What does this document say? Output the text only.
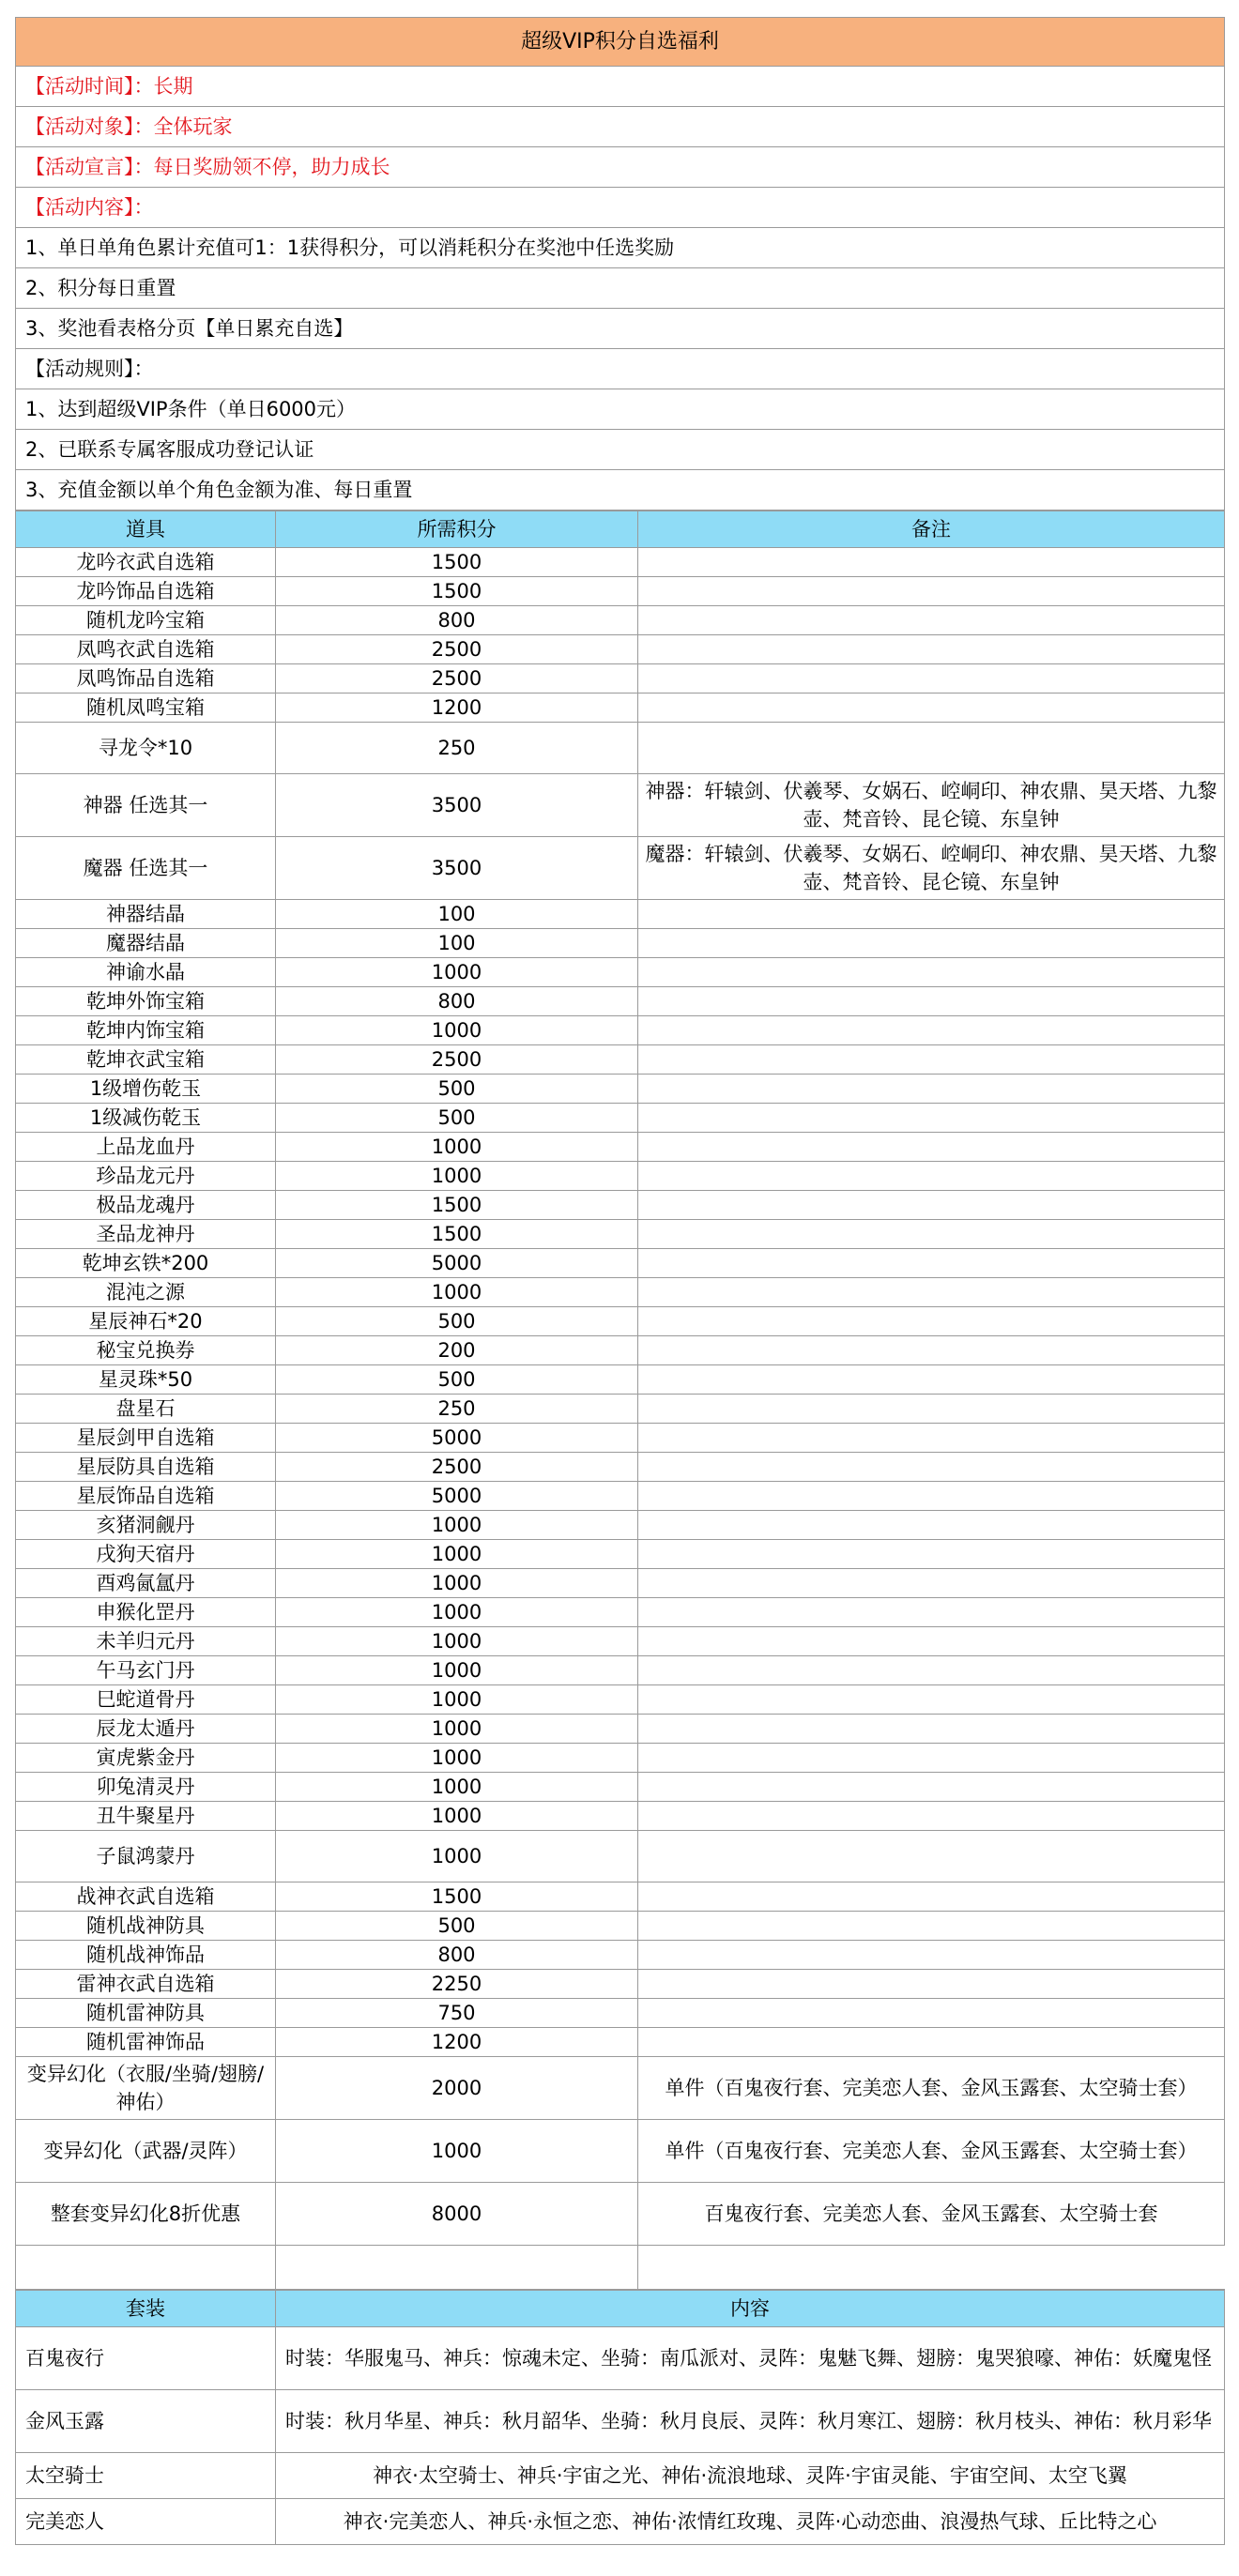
超级VIP积分自选福利
【活动时间】：长期
【活动对象】：全体玩家
【活动宣言】：每日奖励领不停，助力成长
【活动内容】：
1、单日单角色累计充值可1：1获得积分，可以消耗积分在奖池中任选奖励
2、积分每日重置
3、奖池看表格分页【单日累充自选】
【活动规则】：
1、达到超级VIP条件（单日6000元）
2、已联系专属客服成功登记认证
3、充值金额以单个角色金额为准、每日重置
道具	所需积分	备注
龙吟衣武自选箱	1500	
龙吟饰品自选箱	1500	
随机龙吟宝箱	800	
凤鸣衣武自选箱	2500	
凤鸣饰品自选箱	2500	
随机凤鸣宝箱	1200	
寻龙令*10	250	
神器 任选其一	3500	神器：轩辕剑、伏羲琴、女娲石、崆峒印、神农鼎、昊天塔、九黎壶、梵音铃、昆仑镜、东皇钟
魔器 任选其一	3500	魔器：轩辕剑、伏羲琴、女娲石、崆峒印、神农鼎、昊天塔、九黎壶、梵音铃、昆仑镜、东皇钟
神器结晶	100	
魔器结晶	100	
神谕水晶	1000	
乾坤外饰宝箱	800	
乾坤内饰宝箱	1000	
乾坤衣武宝箱	2500	
1级增伤乾玉	500	
1级减伤乾玉	500	
上品龙血丹	1000	
珍品龙元丹	1000	
极品龙魂丹	1500	
圣品龙神丹	1500	
乾坤玄铁*200	5000	
混沌之源	1000	
星辰神石*20	500	
秘宝兑换券	200	
星灵珠*50	500	
盘星石	250	
星辰剑甲自选箱	5000	
星辰防具自选箱	2500	
星辰饰品自选箱	5000	
亥猪洞觎丹	1000	
戌狗天宿丹	1000	
酉鸡氤氲丹	1000	
申猴化罡丹	1000	
未羊归元丹	1000	
午马玄门丹	1000	
巳蛇道骨丹	1000	
辰龙太遁丹	1000	
寅虎紫金丹	1000	
卯兔清灵丹	1000	
丑牛聚星丹	1000	
子鼠鸿蒙丹	1000	
战神衣武自选箱	1500	
随机战神防具	500	
随机战神饰品	800	
雷神衣武自选箱	2250	
随机雷神防具	750	
随机雷神饰品	1200	
变异幻化（衣服/坐骑/翅膀/神佑）	2000	单件（百鬼夜行套、完美恋人套、金风玉露套、太空骑士套）
变异幻化（武器/灵阵）	1000	单件（百鬼夜行套、完美恋人套、金风玉露套、太空骑士套）
整套变异幻化8折优惠	8000	百鬼夜行套、完美恋人套、金风玉露套、太空骑士套

套装	内容
百鬼夜行	时装：华服鬼马、神兵：惊魂未定、坐骑：南瓜派对、灵阵：鬼魅飞舞、翅膀：鬼哭狼嚎、神佑：妖魔鬼怪
金风玉露	时装：秋月华星、神兵：秋月韶华、坐骑：秋月良辰、灵阵：秋月寒江、翅膀：秋月枝头、神佑：秋月彩华
太空骑士	神衣·太空骑士、神兵·宇宙之光、神佑·流浪地球、灵阵·宇宙灵能、宇宙空间、太空飞翼
完美恋人	神衣·完美恋人、神兵·永恒之恋、神佑·浓情红玫瑰、灵阵·心动恋曲、浪漫热气球、丘比特之心
